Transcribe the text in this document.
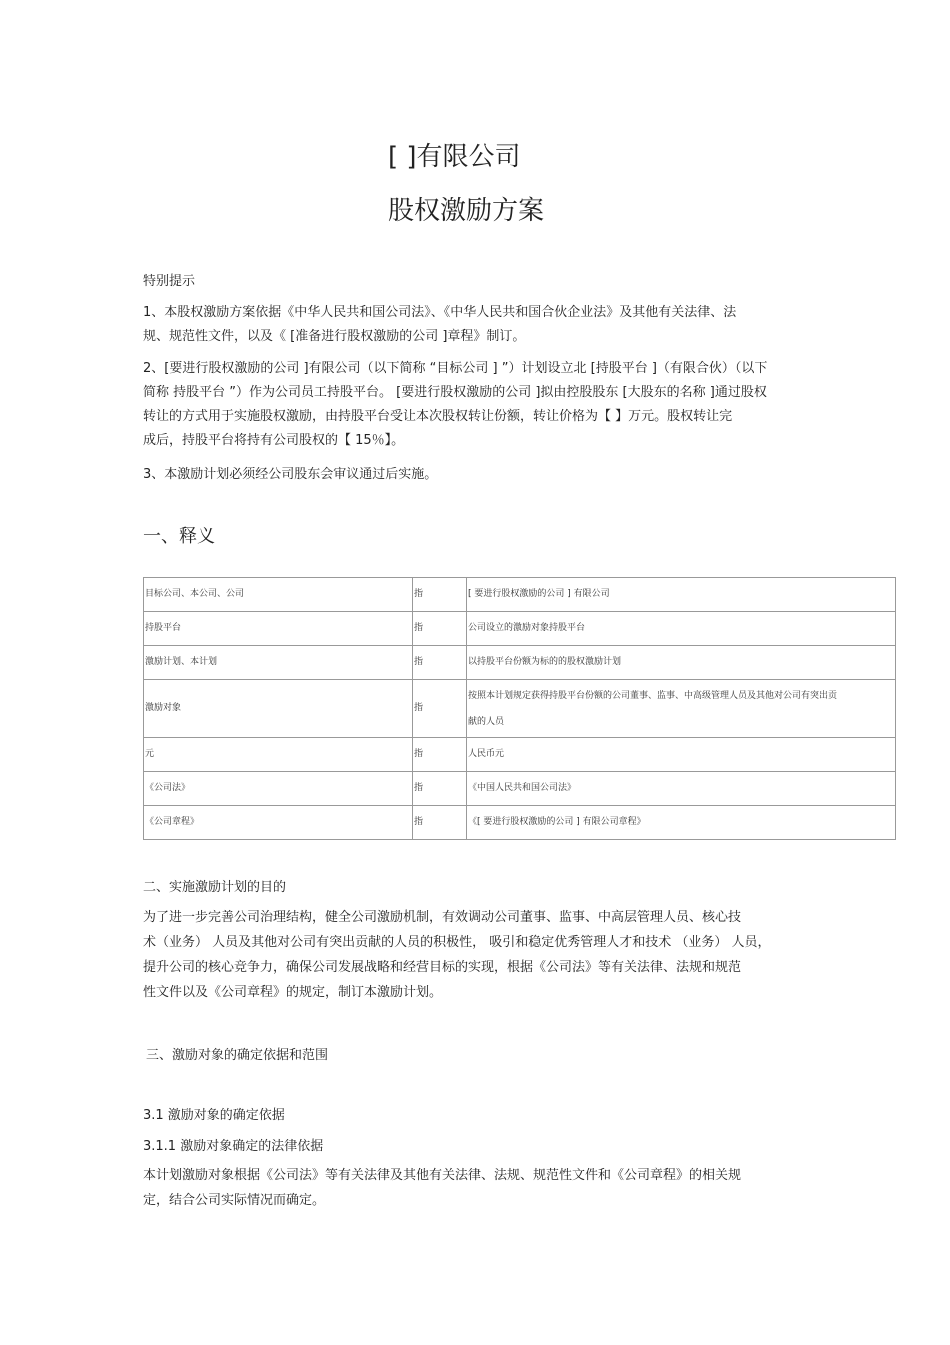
[ ]有限公司
股权激励方案
特别提示
1、本股权激励方案依据《中华人民共和国公司法》、《中华人民共和国合伙企业法》及其他有关法律、法
规、规范性文件，以及《 [准备进行股权激励的公司 ]章程》制订。
2、[要进行股权激励的公司 ]有限公司（以下简称 “目标公司 ] ”）计划设立北 [持股平台 ]（有限合伙）（以下
简称 持股平台 ”）作为公司员工持股平台。 [要进行股权激励的公司 ]拟由控股股东 [大股东的名称 ]通过股权
转让的方式用于实施股权激励，由持股平台受让本次股权转让份额，转让价格为【 】万元。股权转让完
成后，持股平台将持有公司股权的【 15％】。
3、本激励计划必须经公司股东会审议通过后实施。
一、释义
目标公司、本公司、公司	指	[ 要进行股权激励的公司 ] 有限公司

持股平台	指	公司设立的激励对象持股平台

激励计划、本计划	指	以持股平台份额为标的的股权激励计划

激励对象	指	按照本计划规定获得持股平台份额的公司董事、监事、中高级管理人员及其他对公司有突出贡
献的人员

元	指	人民币元

《公司法》	指	《中国人民共和国公司法》

《公司章程》	指	《[ 要进行股权激励的公司 ] 有限公司章程》
二、实施激励计划的目的
为了进一步完善公司治理结构，健全公司激励机制，有效调动公司董事、监事、中高层管理人员、核心技
术（业务） 人员及其他对公司有突出贡献的人员的积极性， 吸引和稳定优秀管理人才和技术 （业务） 人员，
提升公司的核心竞争力，确保公司发展战略和经营目标的实现，根据《公司法》等有关法律、法规和规范
性文件以及《公司章程》的规定，制订本激励计划。
三、激励对象的确定依据和范围
3.1 激励对象的确定依据
3.1.1 激励对象确定的法律依据
本计划激励对象根据《公司法》等有关法律及其他有关法律、法规、规范性文件和《公司章程》的相关规
定，结合公司实际情况而确定。
